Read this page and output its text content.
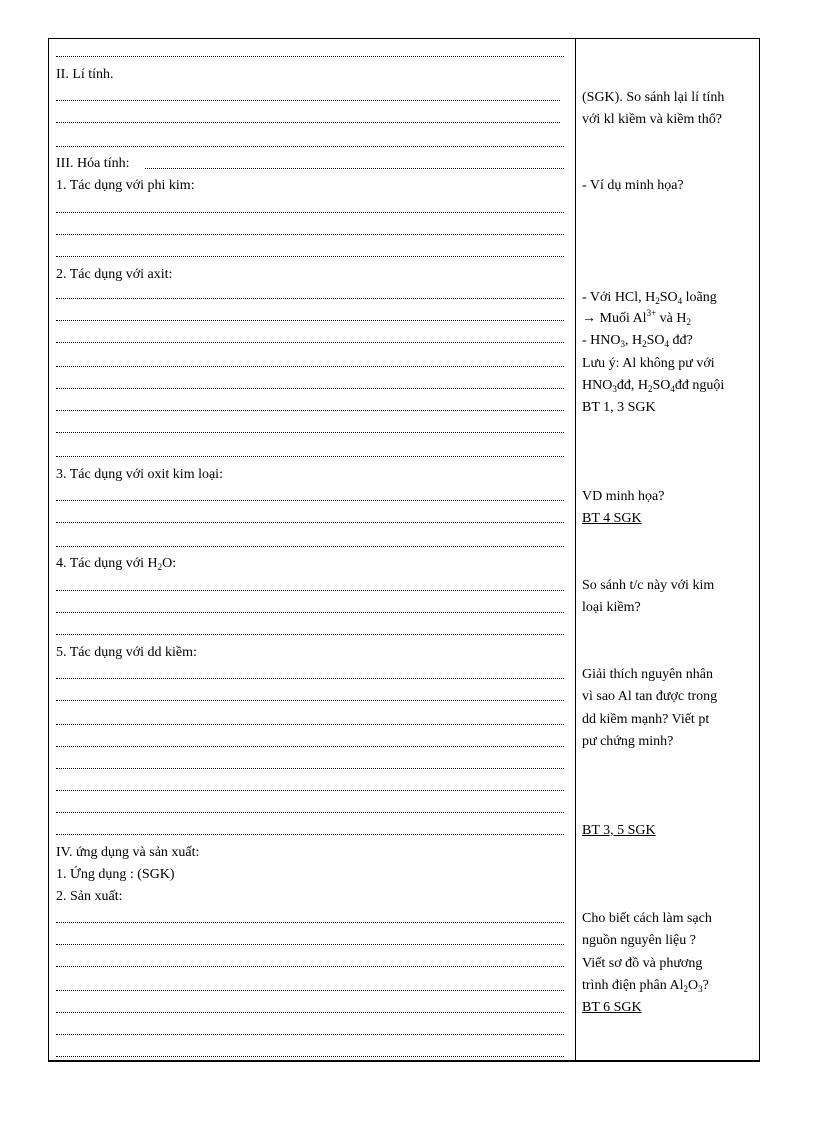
II. Lí tính.
III. Hóa tính:
1. Tác dụng với phi kim:
2. Tác dụng với axit:
3. Tác dụng với oxit kim loại:
4. Tác dụng với $H_2O$:
5. Tác dụng với dd kiềm:
IV. ứng dụng và sản xuất:
1. Ứng dụng : (SGK)
2. Sản xuất:
(SGK). So sánh lại lí tính
với kl kiềm và kiềm thổ?
- Ví dụ minh họa?
- Với HCl, $H_2SO_4$ loãng
→ Muối $Al^{3+}$ và $H_2$
- $HNO_3$, $H_2SO_4$ đđ?
Lưu ý: Al không pư với
$HNO_3đđ$, $H_2SO_4đđ$ nguội
BT 1, 3 SGK
VD minh họa?
BT 4 SGK
So sánh t/c này với kim
loại kiềm?
Giải thích nguyên nhân
vì sao Al tan được trong
dd kiềm mạnh? Viết pt
pư chứng minh?
BT 3, 5 SGK
Cho biết cách làm sạch
nguồn nguyên liệu ?
Viết sơ đồ và phương
trình điện phân $Al_2O_3$?
BT 6 SGK
